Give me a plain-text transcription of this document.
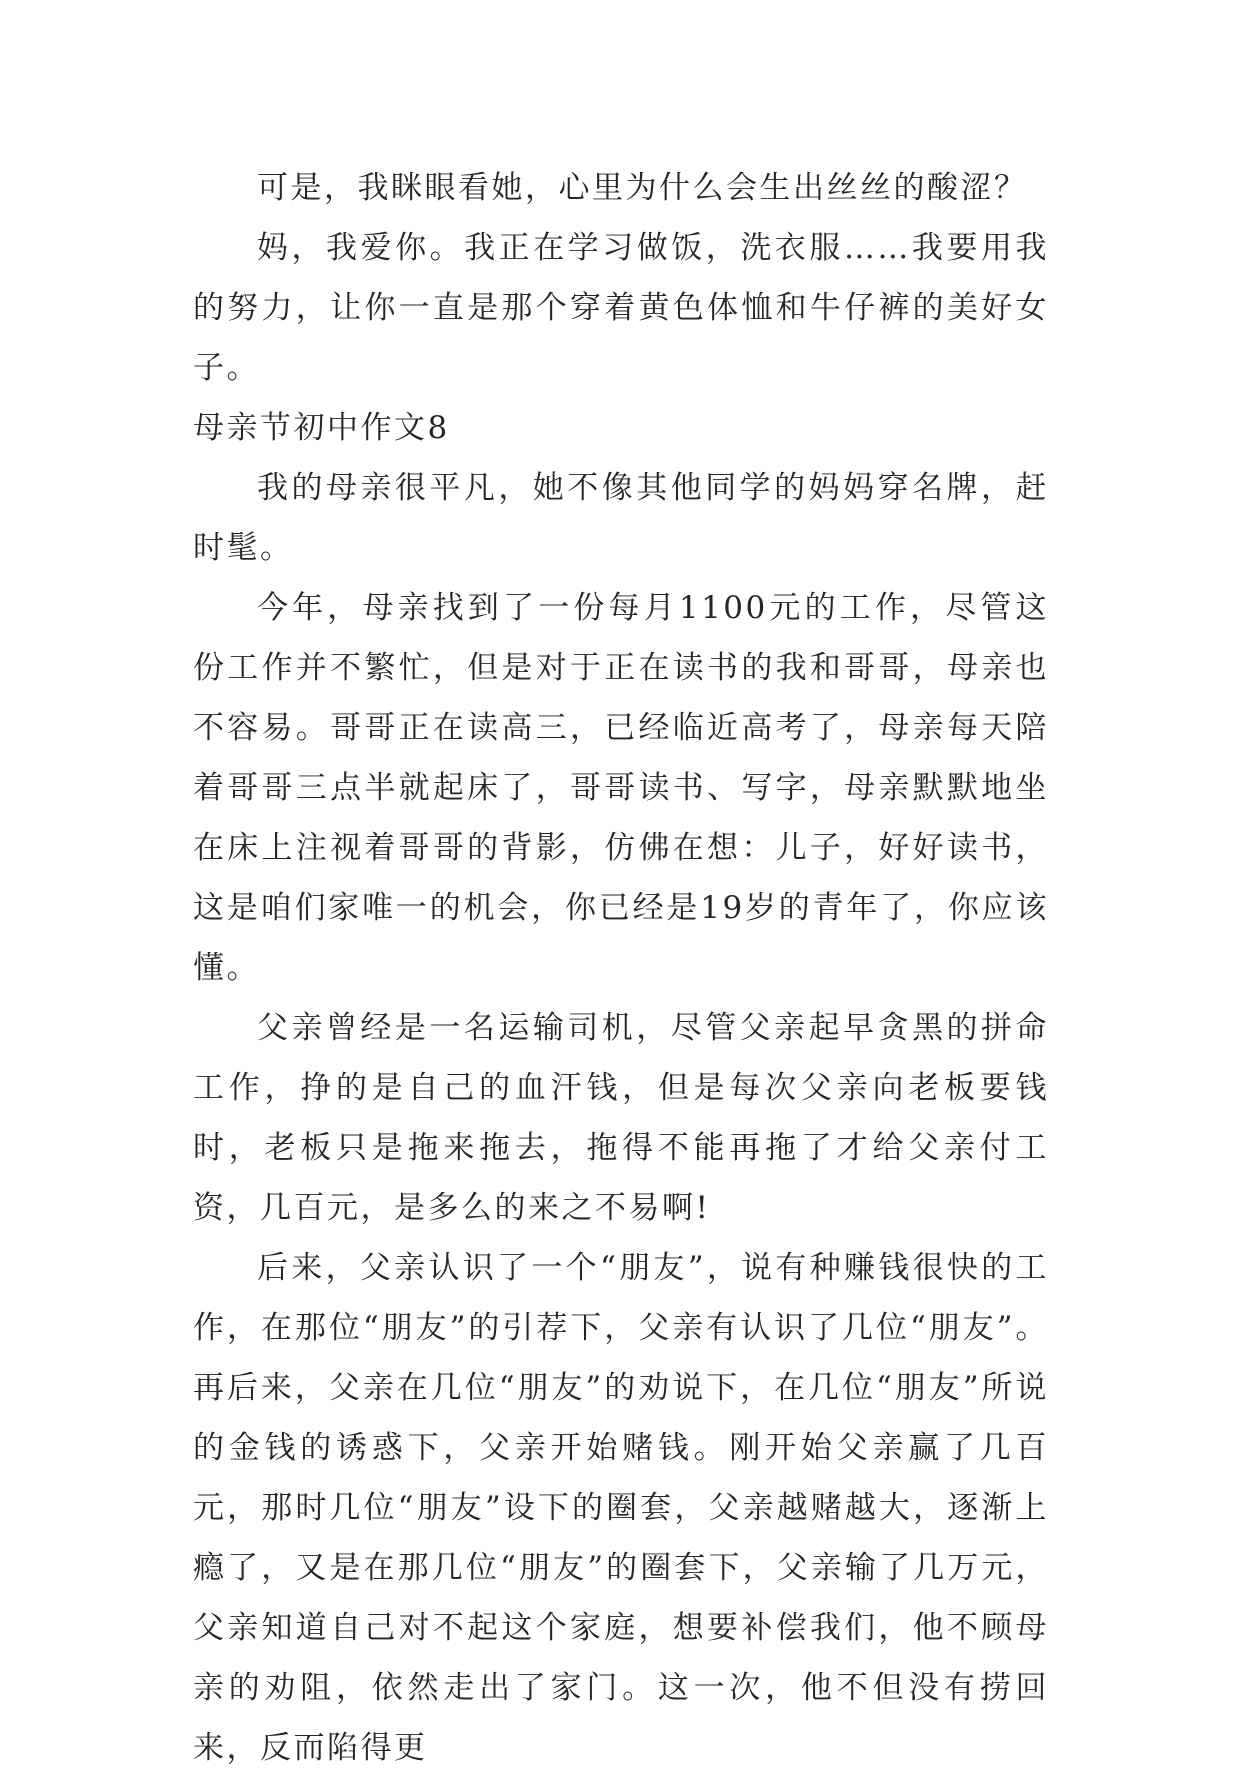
可是，我眯眼看她，心里为什么会生出丝丝的酸涩？

妈，我爱你。我正在学习做饭，洗衣服……我要用我的努力，让你一直是那个穿着黄色体恤和牛仔裤的美好女子。

母亲节初中作文8

我的母亲很平凡，她不像其他同学的妈妈穿名牌，赶时髦。

今年，母亲找到了一份每月1100元的工作，尽管这份工作并不繁忙，但是对于正在读书的我和哥哥，母亲也不容易。哥哥正在读高三，已经临近高考了，母亲每天陪着哥哥三点半就起床了，哥哥读书、写字，母亲默默地坐在床上注视着哥哥的背影，仿佛在想：儿子，好好读书，这是咱们家唯一的机会，你已经是19岁的青年了，你应该懂。

父亲曾经是一名运输司机，尽管父亲起早贪黑的拼命工作，挣的是自己的血汗钱，但是每次父亲向老板要钱时，老板只是拖来拖去，拖得不能再拖了才给父亲付工资，几百元，是多么的来之不易啊!

后来，父亲认识了一个“朋友”，说有种赚钱很快的工作，在那位“朋友”的引荐下，父亲有认识了几位“朋友”。再后来，父亲在几位“朋友”的劝说下，在几位“朋友”所说的金钱的诱惑下，父亲开始赌钱。刚开始父亲赢了几百元，那时几位“朋友”设下的圈套，父亲越赌越大，逐渐上瘾了，又是在那几位“朋友”的圈套下，父亲输了几万元，父亲知道自己对不起这个家庭，想要补偿我们，他不顾母亲的劝阻，依然走出了家门。这一次，他不但没有捞回来，反而陷得更
